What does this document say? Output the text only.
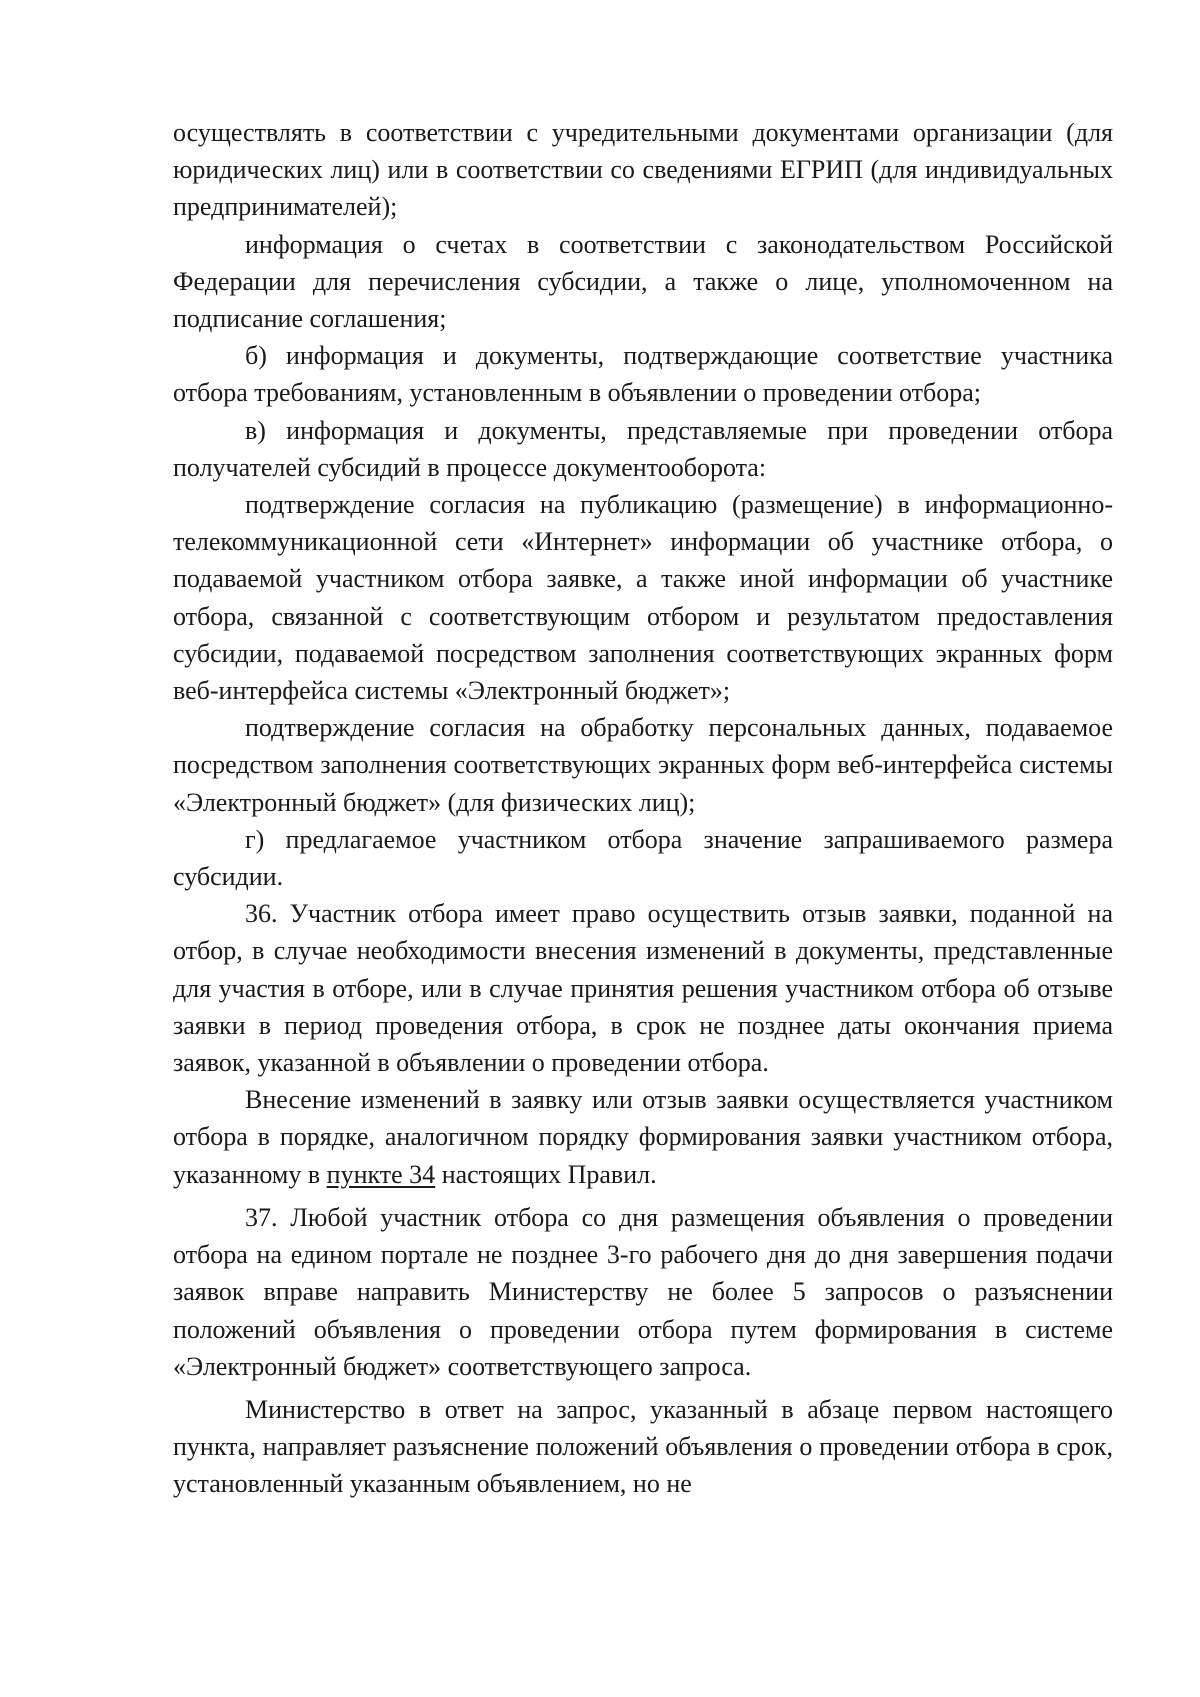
осуществлять в соответствии с учредительными документами организации (для юридических лиц) или в соответствии со сведениями ЕГРИП (для индивидуальных предпринимателей);

информация о счетах в соответствии с законодательством Российской Федерации для перечисления субсидии, а также о лице, уполномоченном на подписание соглашения;

б) информация и документы, подтверждающие соответствие участника отбора требованиям, установленным в объявлении о проведении отбора;

в) информация и документы, представляемые при проведении отбора получателей субсидий в процессе документооборота:

подтверждение согласия на публикацию (размещение) в информационно-телекоммуникационной сети «Интернет» информации об участнике отбора, о подаваемой участником отбора заявке, а также иной информации об участнике отбора, связанной с соответствующим отбором и результатом предоставления субсидии, подаваемой посредством заполнения соответствующих экранных форм веб-интерфейса системы «Электронный бюджет»;

подтверждение согласия на обработку персональных данных, подаваемое посредством заполнения соответствующих экранных форм веб-интерфейса системы «Электронный бюджет» (для физических лиц);

г) предлагаемое участником отбора значение запрашиваемого размера субсидии.

36. Участник отбора имеет право осуществить отзыв заявки, поданной на отбор, в случае необходимости внесения изменений в документы, представленные для участия в отборе, или в случае принятия решения участником отбора об отзыве заявки в период проведения отбора, в срок не позднее даты окончания приема заявок, указанной в объявлении о проведении отбора.

Внесение изменений в заявку или отзыв заявки осуществляется участником отбора в порядке, аналогичном порядку формирования заявки участником отбора, указанному в пункте 34 настоящих Правил.

37. Любой участник отбора со дня размещения объявления о проведении отбора на едином портале не позднее 3-го рабочего дня до дня завершения подачи заявок вправе направить Министерству не более 5 запросов о разъяснении положений объявления о проведении отбора путем формирования в системе «Электронный бюджет» соответствующего запроса.

Министерство в ответ на запрос, указанный в абзаце первом настоящего пункта, направляет разъяснение положений объявления о проведении отбора в срок, установленный указанным объявлением, но не
